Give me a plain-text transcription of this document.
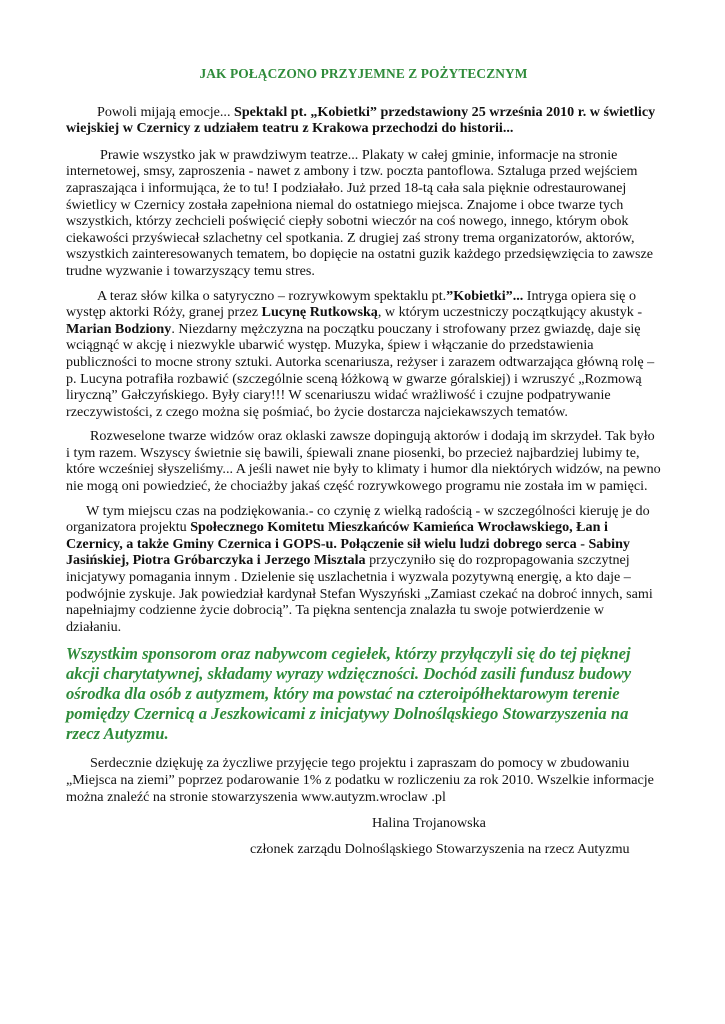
JAK POŁĄCZONO PRZYJEMNE Z POŻYTECZNYM

Powoli mijają emocje... Spektakl pt. „Kobietki” przedstawiony 25 września 2010 r. w świetlicy wiejskiej w Czernicy z udziałem teatru z Krakowa przechodzi do historii...

Prawie wszystko jak w prawdziwym teatrze... Plakaty w całej gminie, informacje na stronie internetowej, smsy, zaproszenia - nawet z ambony i tzw. poczta pantoflowa. Sztaluga przed wejściem zapraszająca i informująca, że to tu! I podziałało. Już przed 18-tą cała sala pięknie odrestaurowanej świetlicy w Czernicy została zapełniona niemal do ostatniego miejsca. Znajome i obce twarze tych wszystkich, którzy zechcieli poświęcić ciepły sobotni wieczór na coś nowego, innego, którym obok ciekawości przyświecał szlachetny cel spotkania. Z drugiej zaś strony trema organizatorów, aktorów, wszystkich zainteresowanych tematem, bo dopięcie na ostatni guzik każdego przedsięwzięcia to zawsze trudne wyzwanie i towarzyszący temu stres.

A teraz słów kilka o satyryczno – rozrywkowym spektaklu pt.”Kobietki”... Intryga opiera się o występ aktorki Róży, granej przez Lucynę Rutkowską, w którym uczestniczy początkujący akustyk - Marian Bodziony. Niezdarny mężczyzna na początku pouczany i strofowany przez gwiazdę, daje się wciągnąć w akcję i niezwykle ubarwić występ. Muzyka, śpiew i włączanie do przedstawienia publiczności to mocne strony sztuki. Autorka scenariusza, reżyser i zarazem odtwarzająca główną rolę – p. Lucyna potrafiła rozbawić (szczególnie sceną łóżkową w gwarze góralskiej) i wzruszyć „Rozmową liryczną” Gałczyńskiego. Były ciary!!! W scenariuszu widać wrażliwość i czujne podpatrywanie rzeczywistości, z czego można się pośmiać, bo życie dostarcza najciekawszych tematów.

Rozweselone twarze widzów oraz oklaski zawsze dopingują aktorów i dodają im skrzydeł. Tak było i tym razem. Wszyscy świetnie się bawili, śpiewali znane piosenki, bo przecież najbardziej lubimy te, które wcześniej słyszeliśmy... A jeśli nawet nie były to klimaty i humor dla niektórych widzów, na pewno nie mogą oni powiedzieć, że chociażby jakaś część rozrywkowego programu nie została im w pamięci.

W tym miejscu czas na podziękowania.- co czynię z wielką radością - w szczególności kieruję je do organizatora projektu Społecznego Komitetu Mieszkańców Kamieńca Wrocławskiego, Łan i Czernicy, a także Gminy Czernica i GOPS-u. Połączenie sił wielu ludzi dobrego serca - Sabiny Jasińskiej, Piotra Gróbarczyka i Jerzego Misztala przyczyniło się do rozpropagowania szczytnej inicjatywy pomagania innym . Dzielenie się uszlachetnia i wyzwala pozytywną energię, a kto daje – podwójnie zyskuje. Jak powiedział kardynał Stefan Wyszyński „Zamiast czekać na dobroć innych, sami napełniajmy codzienne życie dobrocią”. Ta piękna sentencja znalazła tu swoje potwierdzenie w działaniu.

Wszystkim sponsorom oraz nabywcom cegiełek, którzy przyłączyli się do tej pięknej akcji charytatywnej, składamy wyrazy wdzięczności. Dochód zasili fundusz budowy ośrodka dla osób z autyzmem, który ma powstać na czteroipółhektarowym terenie pomiędzy Czernicą a Jeszkowicami z inicjatywy Dolnośląskiego Stowarzyszenia na rzecz Autyzmu.

Serdecznie dziękuję za życzliwe przyjęcie tego projektu i zapraszam do pomocy w zbudowaniu „Miejsca na ziemi” poprzez podarowanie 1% z podatku w rozliczeniu za rok 2010. Wszelkie informacje można znaleźć na stronie stowarzyszenia www.autyzm.wroclaw .pl

Halina Trojanowska

członek zarządu Dolnośląskiego Stowarzyszenia na rzecz Autyzmu
